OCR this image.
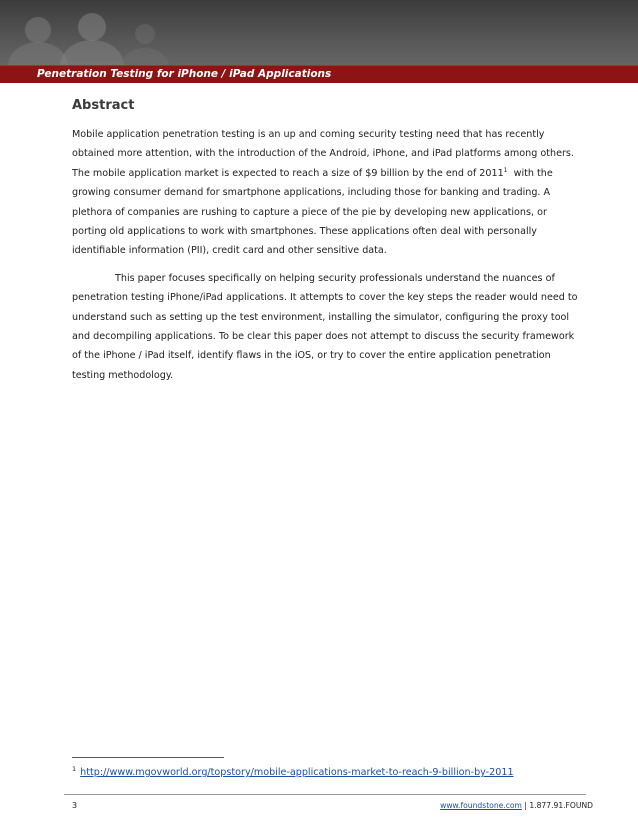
Penetration Testing for iPhone / iPad Applications
Abstract

Mobile application penetration testing is an up and coming security testing need that has recently obtained more attention, with the introduction of the Android, iPhone, and iPad platforms among others. The mobile application market is expected to reach a size of $9 billion by the end of 2011$^1$  with the growing consumer demand for smartphone applications, including those for banking and trading. A plethora of companies are rushing to capture a piece of the pie by developing new applications, or porting old applications to work with smartphones. These applications often deal with personally identifiable information (PII), credit card and other sensitive data.

This paper focuses specifically on helping security professionals understand the nuances of penetration testing iPhone/iPad applications. It attempts to cover the key steps the reader would need to understand such as setting up the test environment, installing the simulator, configuring the proxy tool and decompiling applications. To be clear this paper does not attempt to discuss the security framework of the iPhone / iPad itself, identify flaws in the iOS, or try to cover the entire application penetration testing methodology.

$^1$ http://www.mgovworld.org/topstory/mobile-applications-market-to-reach-9-billion-by-2011
3	www.foundstone.com | 1.877.91.FOUND
